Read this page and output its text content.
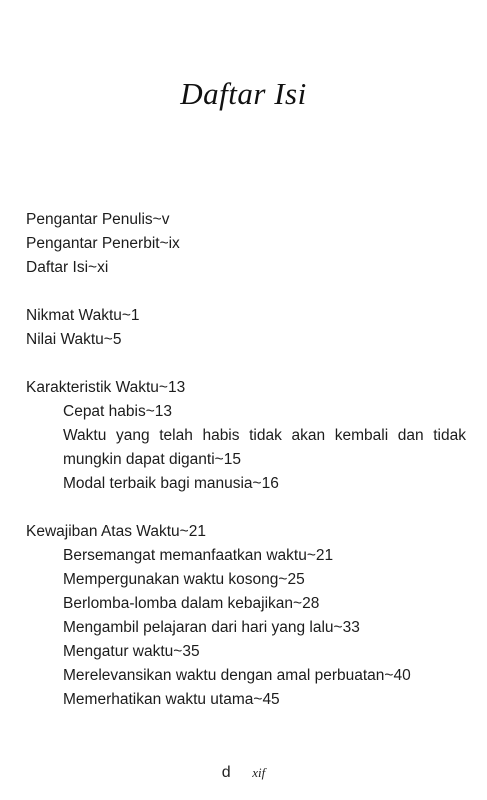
Daftar Isi
Pengantar Penulis~v
Pengantar Penerbit~ix
Daftar Isi~xi
Nikmat Waktu~1
Nilai Waktu~5
Karakteristik Waktu~13
Cepat habis~13
Waktu yang telah habis tidak akan kembali dan tidak
mungkin dapat diganti~15
Modal terbaik bagi manusia~16
Kewajiban Atas Waktu~21
Bersemangat memanfaatkan waktu~21
Mempergunakan waktu kosong~25
Berlomba-lomba dalam kebajikan~28
Mengambil pelajaran dari hari yang lalu~33
Mengatur waktu~35
Merelevansikan waktu dengan amal perbuatan~40
Memerhatikan waktu utama~45
d xif
